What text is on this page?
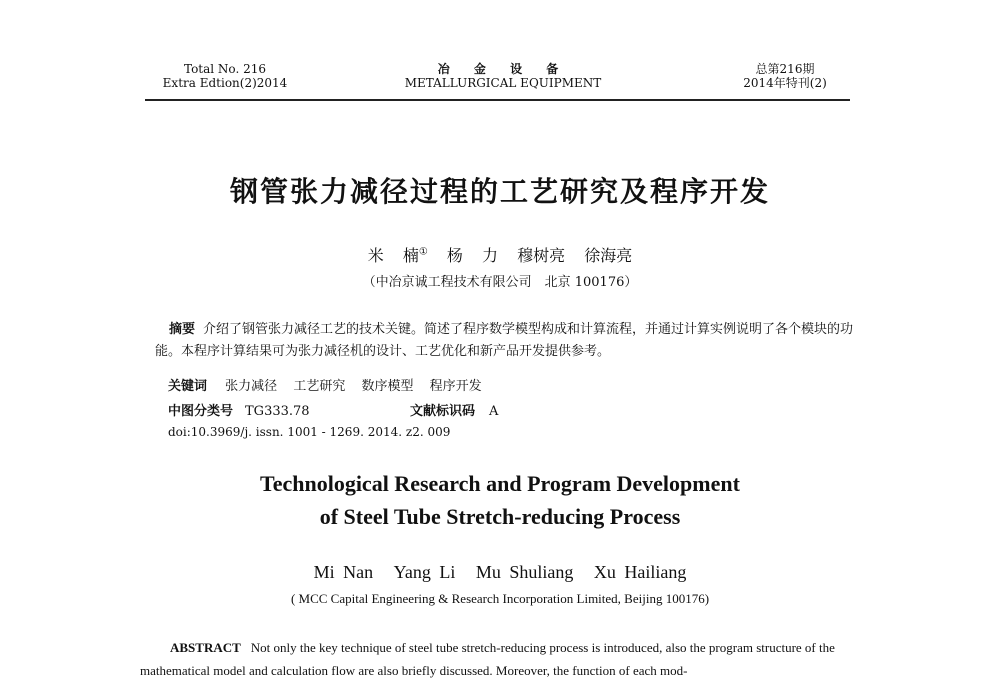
Total No. 216
Extra Edtion(2)2014
冶 金 设 备
METALLURGICAL EQUIPMENT
总第216期
2014年特刊(2)
钢管张力减径过程的工艺研究及程序开发
米 楠① 杨 力 穆树亮 徐海亮
（中冶京诚工程技术有限公司　北京 100176）
摘要 介绍了钢管张力减径工艺的技术关键。简述了程序数学模型构成和计算流程，并通过计算实例说明了各个模块的功能。本程序计算结果可为张力减径机的设计、工艺优化和新产品开发提供参考。
关键词 张力减径 工艺研究 数序模型 程序开发
中图分类号 TG333.78	文献标识码 A
doi:10.3969/j. issn. 1001 - 1269. 2014. z2. 009
Technological Research and Program Development
of Steel Tube Stretch-reducing Process
Mi Nan Yang Li Mu Shuliang Xu Hailiang
( MCC Capital Engineering & Research Incorporation Limited, Beijing 100176)
ABSTRACT Not only the key technique of steel tube stretch-reducing process is introduced, also the program structure of the mathematical model and calculation flow are also briefly discussed. Moreover, the function of each mod-
